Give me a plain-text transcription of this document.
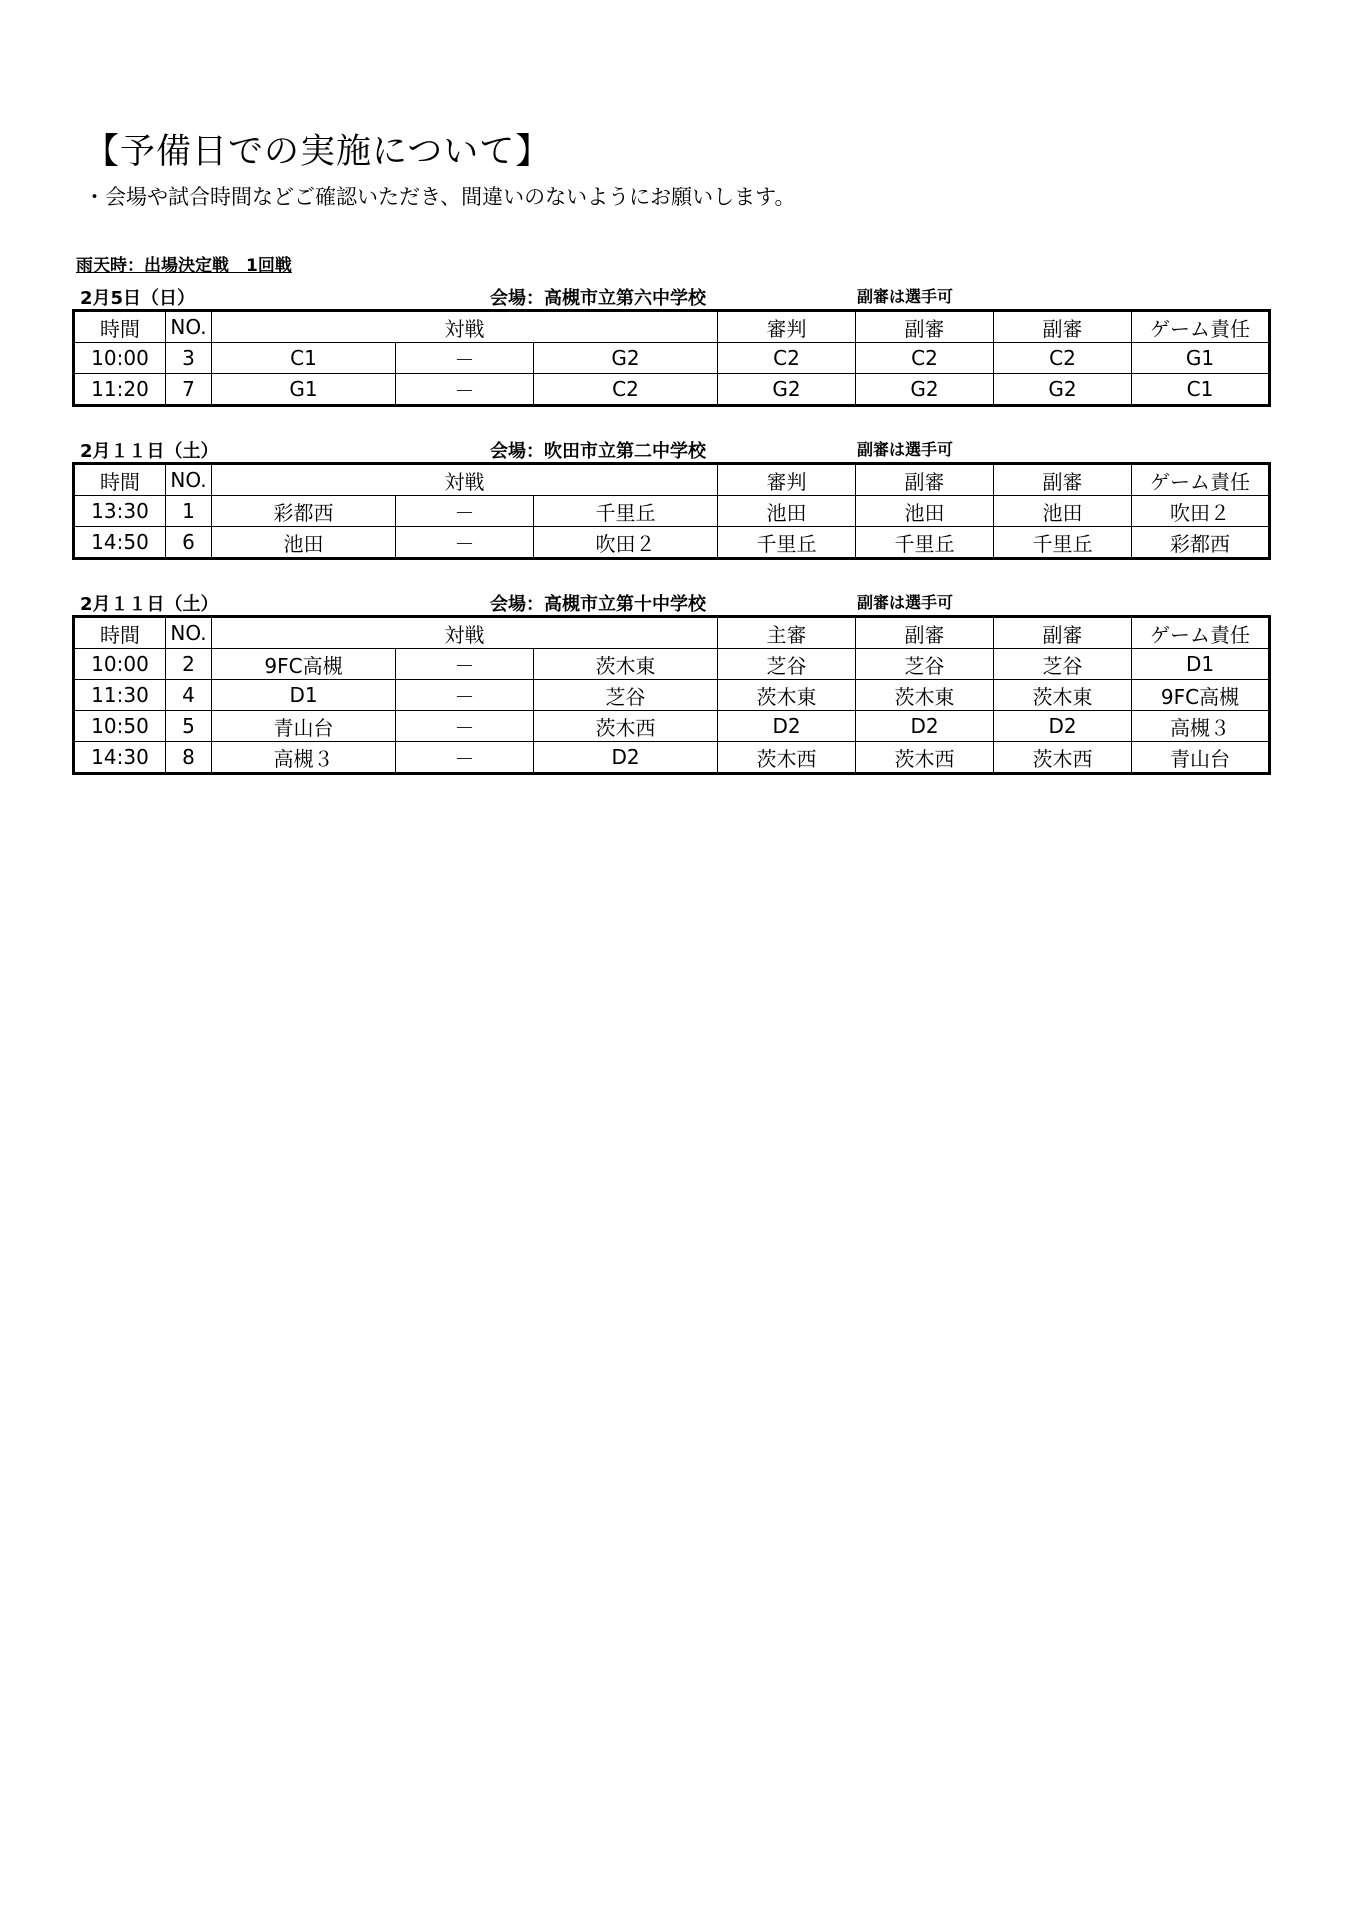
【予備日での実施について】
・会場や試合時間などご確認いただき、間違いのないようにお願いします。
雨天時：出場決定戦　1回戦
2月5日（日）	会場：高槻市立第六中学校	副審は選手可
時間	NO.	対戦			審判	副審	副審	ゲーム責任
10:00	3	C1	－	G2	C2	C2	C2	G1
11:20	7	G1	－	C2	G2	G2	G2	C1
2月１１日（土）	会場：吹田市立第二中学校	副審は選手可
時間	NO.	対戦			審判	副審	副審	ゲーム責任
13:30	1	彩都西	－	千里丘	池田	池田	池田	吹田２
14:50	6	池田	－	吹田２	千里丘	千里丘	千里丘	彩都西
2月１１日（土）	会場：高槻市立第十中学校	副審は選手可
時間	NO.	対戦			主審	副審	副審	ゲーム責任
10:00	2	9FC高槻	－	茨木東	芝谷	芝谷	芝谷	D1
11:30	4	D1	－	芝谷	茨木東	茨木東	茨木東	9FC高槻
10:50	5	青山台	－	茨木西	D2	D2	D2	高槻３
14:30	8	高槻３	－	D2	茨木西	茨木西	茨木西	青山台
